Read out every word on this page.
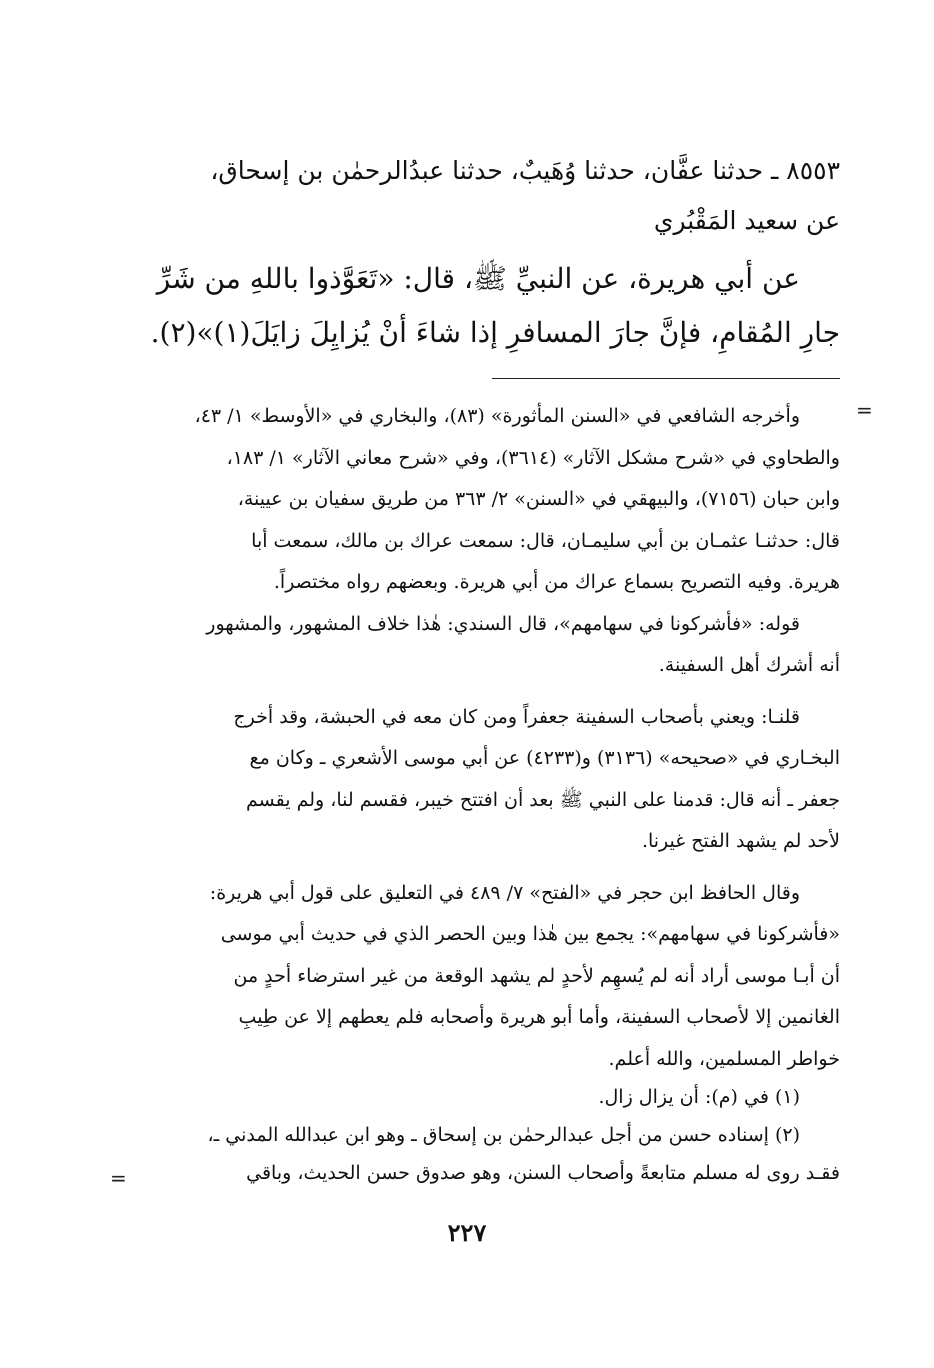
٨٥٥٣ ـ حدثنا عفَّان، حدثنا وُهَيبٌ، حدثنا عبدُالرحمٰن بن إسحاق،
عن سعيد المَقْبُري
عن أبي هريرة، عن النبيِّ ﷺ، قال: «تَعَوَّذوا باللهِ من شَرِّ
جارِ المُقامِ، فإنَّ جارَ المسافرِ إذا شاءَ أنْ يُزايِلَ زايَلَ(١)»(٢).
=
وأخرجه الشافعي في «السنن المأثورة» (٨٣)، والبخاري في «الأوسط» ١/ ٤٣،
والطحاوي في «شرح مشكل الآثار» (٣٦١٤)، وفي «شرح معاني الآثار» ١/ ١٨٣،
وابن حبان (٧١٥٦)، والبيهقي في «السنن» ٢/ ٣٦٣ من طريق سفيان بن عيينة،
قال: حدثنـا عثمـان بن أبي سليمـان، قال: سمعت عراك بن مالك، سمعت أبا
هريرة. وفيه التصريح بسماع عراك من أبي هريرة. وبعضهم رواه مختصراً.
قوله: «فأشركونا في سهامهم»، قال السندي: هٰذا خلاف المشهور، والمشهور
أنه أشرك أهل السفينة.
قلنـا: ويعني بأصحاب السفينة جعفراً ومن كان معه في الحبشة، وقد أخرج
البخـاري في «صحيحه» (٣١٣٦) و(٤٢٣٣) عن أبي موسى الأشعري ـ وكان مع
جعفر ـ أنه قال: قدمنا على النبي ﷺ بعد أن افتتح خيبر، فقسم لنا، ولم يقسم
لأحد لم يشهد الفتح غيرنا.
وقال الحافظ ابن حجر في «الفتح» ٧/ ٤٨٩ في التعليق على قول أبي هريرة:
«فأشركونا في سهامهم»: يجمع بين هٰذا وبين الحصر الذي في حديث أبي موسى
أن أبـا موسى أراد أنه لم يُسهِم لأحدٍ لم يشهد الوقعة من غير استرضاء أحدٍ من
الغانمين إلا لأصحاب السفينة، وأما أبو هريرة وأصحابه فلم يعطهم إلا عن طِيبِ
خواطر المسلمين، والله أعلم.
(١) في (م): أن يزال زال.
(٢) إسناده حسن من أجل عبدالرحمٰن بن إسحاق ـ وهو ابن عبدالله المدني ـ،
فقـد روى له مسلم متابعةً وأصحاب السنن، وهو صدوق حسن الحديث، وباقي
=
٢٢٧
